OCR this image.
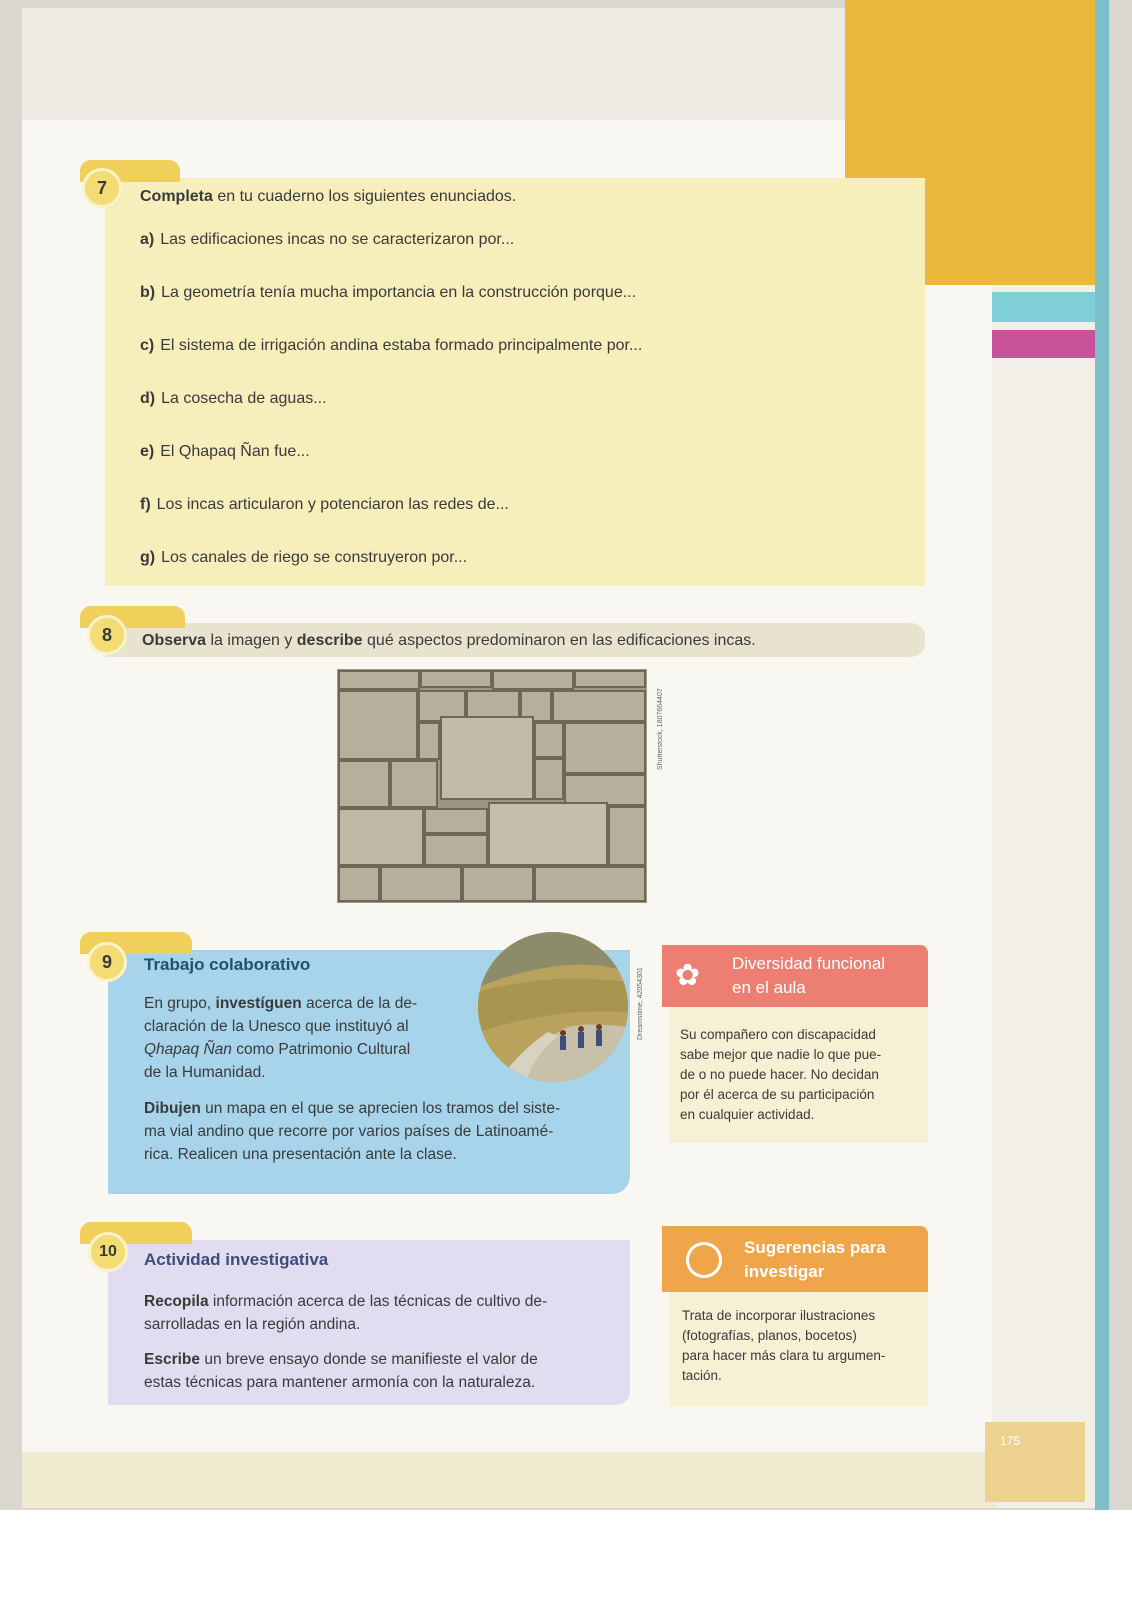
175
7	Completa en tu cuaderno los siguientes enunciados.
a) Las edificaciones incas no se caracterizaron por...
b) La geometría tenía mucha importancia en la construcción porque...
c) El sistema de irrigación andina estaba formado principalmente por...
d) La cosecha de aguas...
e) El Qhapaq Ñan fue...
f) Los incas articularon y potenciaron las redes de...
g) Los canales de riego se construyeron por...
8	Observa la imagen y describe qué aspectos predominaron en las edificaciones incas.
Shutterstock, 1807664407
9	Trabajo colaborativo
En grupo, investíguen acerca de la de-
claración de la Unesco que instituyó al
Qhapaq Ñan como Patrimonio Cultural
de la Humanidad.
Dibujen un mapa en el que se aprecien los tramos del siste-
ma vial andino que recorre por varios países de Latinoamé-
rica. Realicen una presentación ante la clase.
Dreamstime, 42054301 ✿ Diversidad funcional
en el aula
Su compañero con discapacidad
sabe mejor que nadie lo que pue-
de o no puede hacer. No decidan
por él acerca de su participación
en cualquier actividad.
10	Actividad investigativa
Recopila información acerca de las técnicas de cultivo de-
sarrolladas en la región andina.
Escribe un breve ensayo donde se manifieste el valor de
estas técnicas para mantener armonía con la naturaleza.
Sugerencias para
investigar
Trata de incorporar ilustraciones
(fotografías, planos, bocetos)
para hacer más clara tu argumen-
tación.
